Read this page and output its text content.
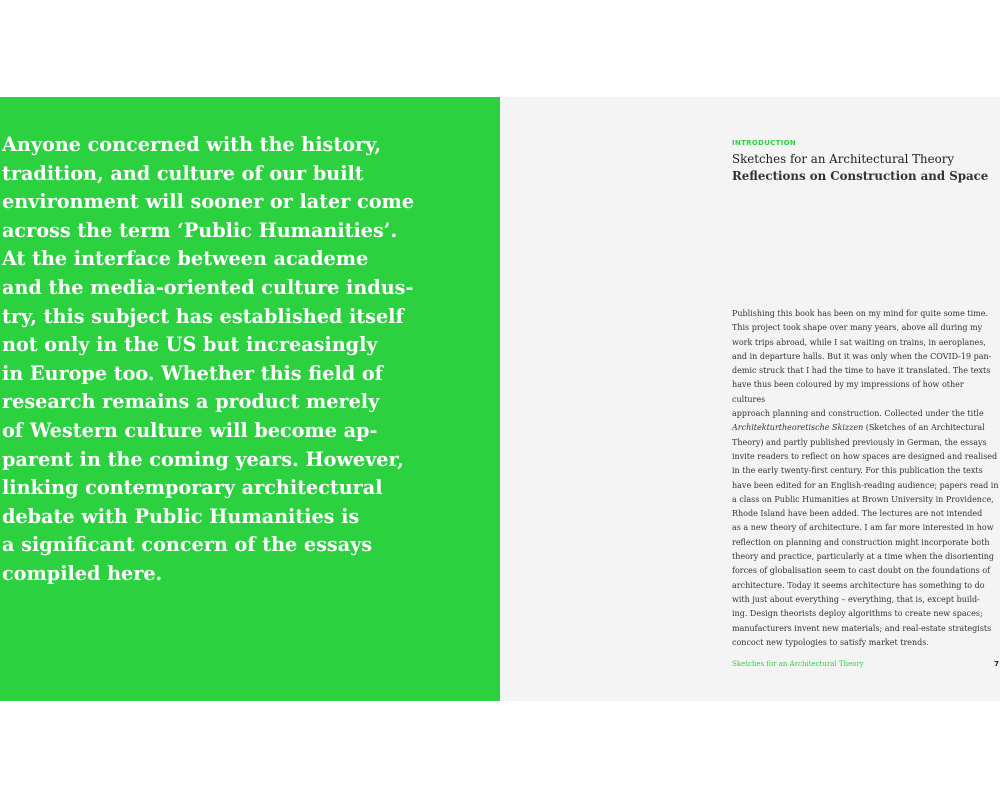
Anyone concerned with the history,
tradition, and culture of our built
environment will sooner or later come
across the term ‘Public Humanities’.
At the interface between academe
and the media-oriented culture indus-
try, this subject has established itself
not only in the US but increasingly
in Europe too. Whether this field of
research remains a product merely
of Western culture will become ap-
parent in the coming years. However,
linking contemporary architectural
debate with Public Humanities is
a significant concern of the essays
compiled here.

INTRODUCTION

Sketches for an Architectural Theory
Reflections on Construction and Space

Publishing this book has been on my mind for quite some time.
This project took shape over many years, above all during my
work trips abroad, while I sat waiting on trains, in aeroplanes,
and in departure halls. But it was only when the COVID-19 pan-
demic struck that I had the time to have it translated. The texts
have thus been coloured by my impressions of how other cultures
approach planning and construction. Collected under the title
Architekturtheoretische Skizzen (Sketches of an Architectural
Theory) and partly published previously in German, the essays
invite readers to reflect on how spaces are designed and realised
in the early twenty-first century. For this publication the texts
have been edited for an English-reading audience; papers read in
a class on Public Humanities at Brown University in Providence,
Rhode Island have been added. The lectures are not intended
as a new theory of architecture. I am far more interested in how
reflection on planning and construction might incorporate both
theory and practice, particularly at a time when the disorienting
forces of globalisation seem to cast doubt on the foundations of
architecture. Today it seems architecture has something to do
with just about everything – everything, that is, except build-
ing. Design theorists deploy algorithms to create new spaces;
manufacturers invent new materials; and real-estate strategists
concoct new typologies to satisfy market trends.

Sketches for an Architectural Theory	7
